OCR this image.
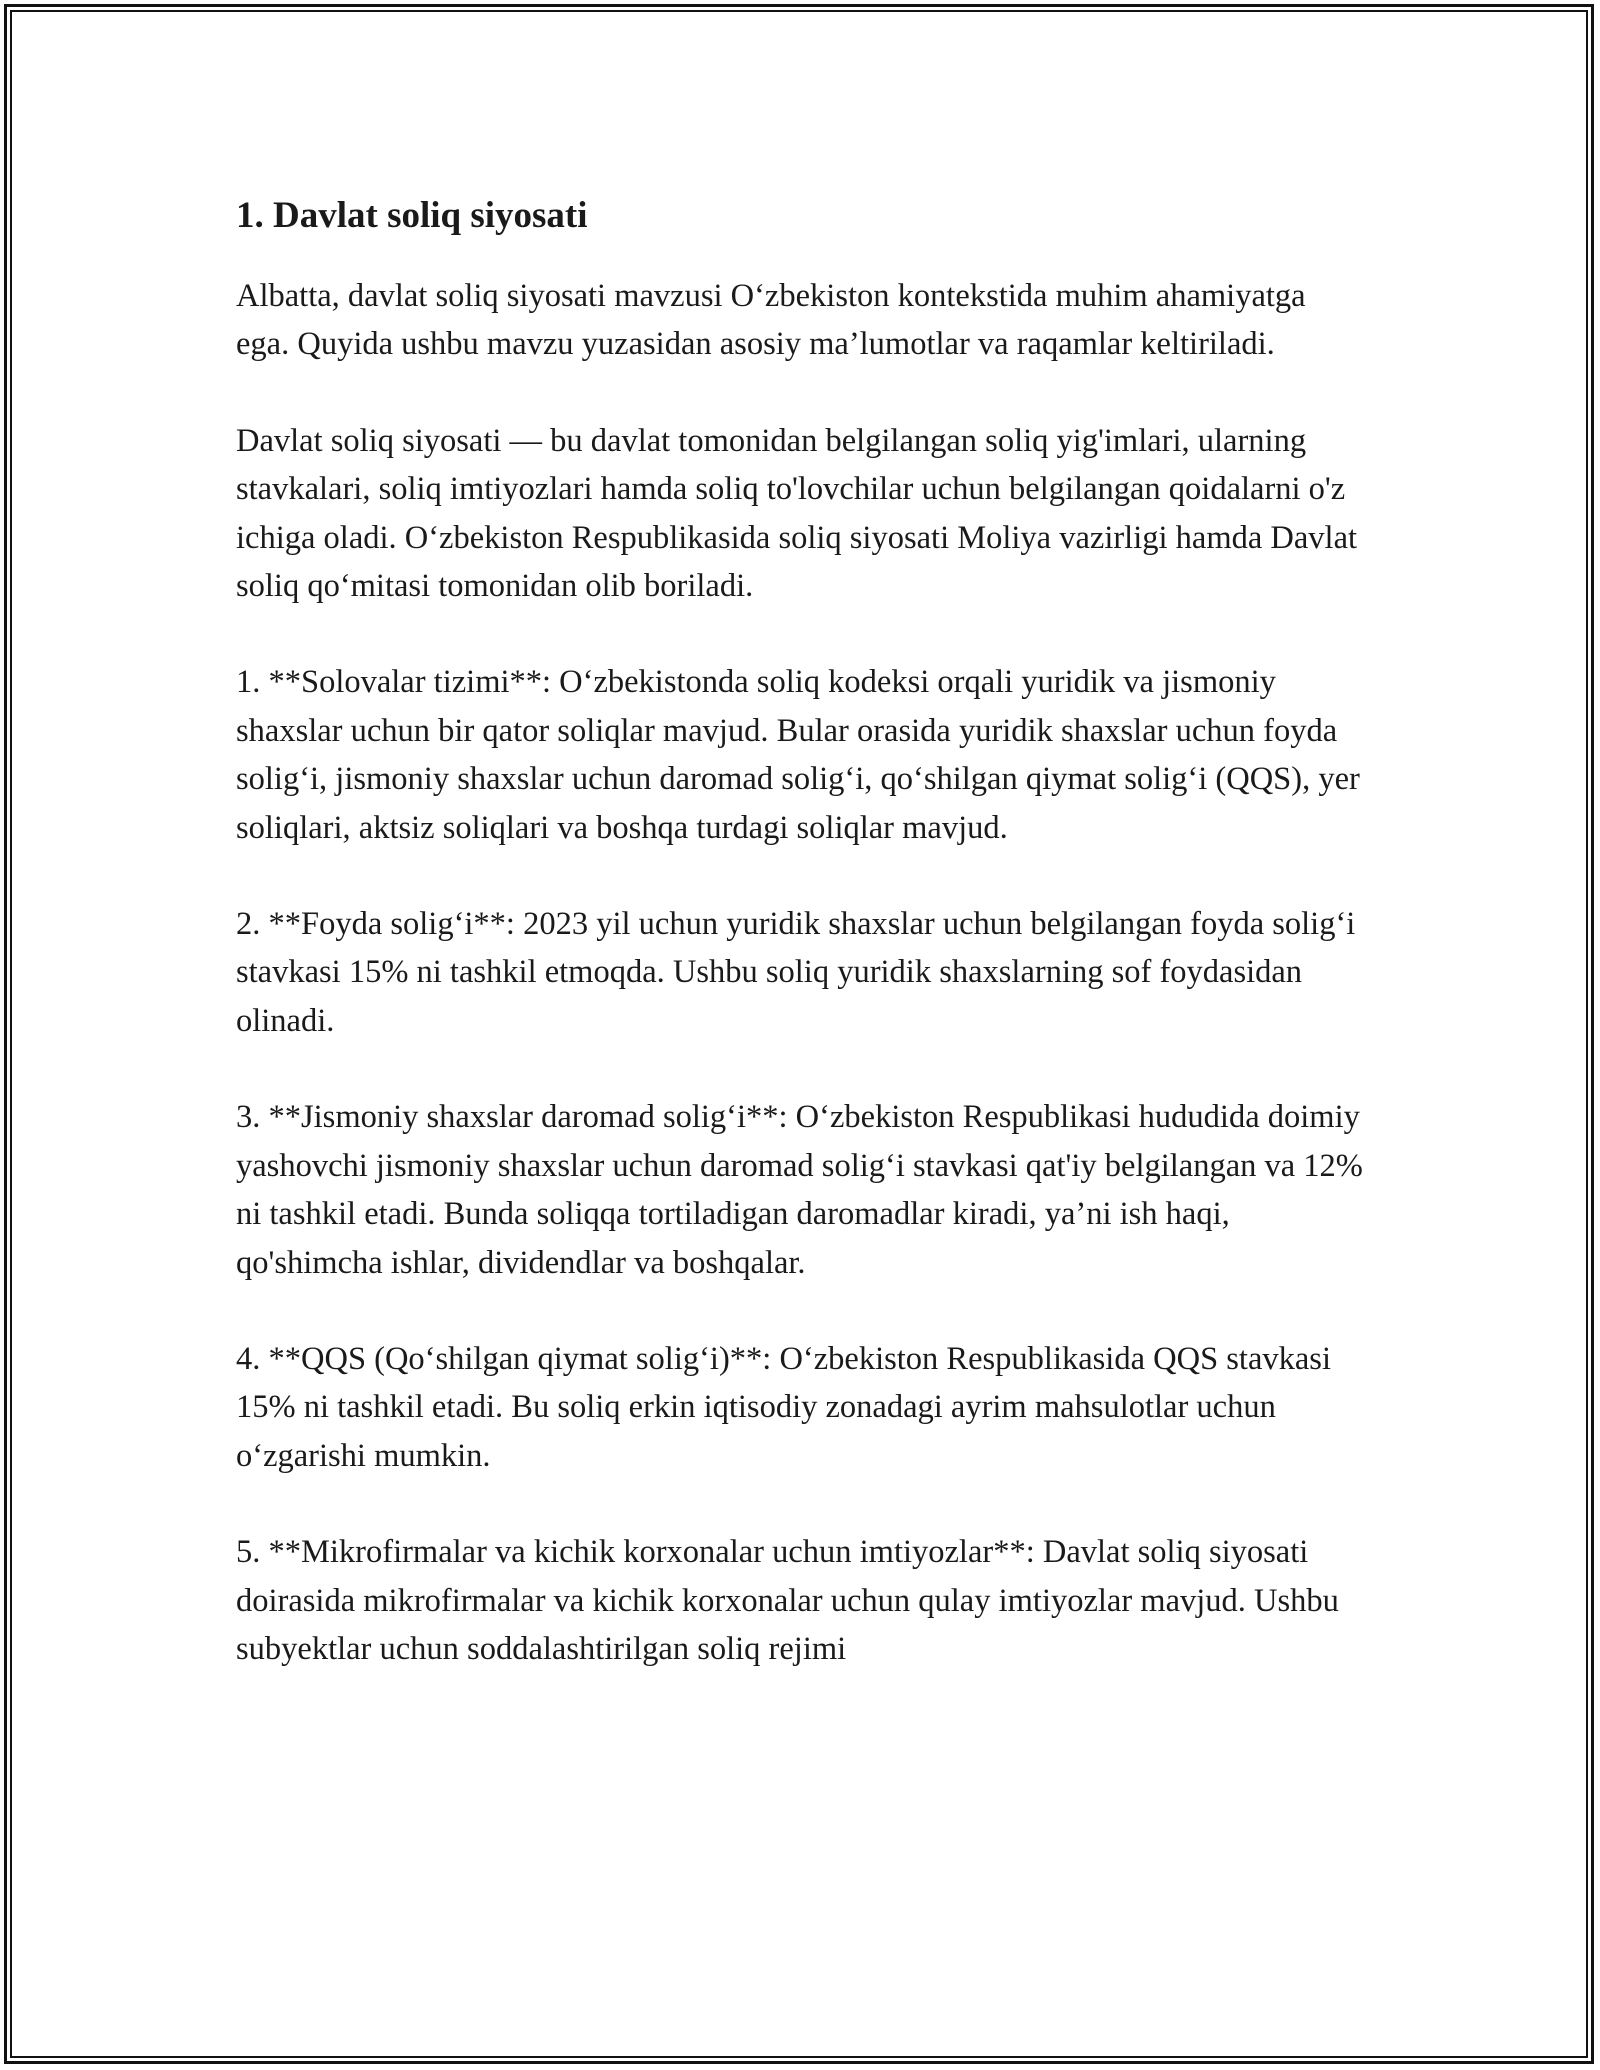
1. Davlat soliq siyosati

Albatta, davlat soliq siyosati mavzusi O‘zbekiston kontekstida muhim ahamiyatga ega. Quyida ushbu mavzu yuzasidan asosiy ma’lumotlar va raqamlar keltiriladi.

Davlat soliq siyosati — bu davlat tomonidan belgilangan soliq yig'imlari, ularning stavkalari, soliq imtiyozlari hamda soliq to'lovchilar uchun belgilangan qoidalarni o'z ichiga oladi. O‘zbekiston Respublikasida soliq siyosati Moliya vazirligi hamda Davlat soliq qo‘mitasi tomonidan olib boriladi.

1. **Solovalar tizimi**: O‘zbekistonda soliq kodeksi orqali yuridik va jismoniy shaxslar uchun bir qator soliqlar mavjud. Bular orasida yuridik shaxslar uchun foyda solig‘i, jismoniy shaxslar uchun daromad solig‘i, qo‘shilgan qiymat solig‘i (QQS), yer soliqlari, aktsiz soliqlari va boshqa turdagi soliqlar mavjud.

2. **Foyda solig‘i**: 2023 yil uchun yuridik shaxslar uchun belgilangan foyda solig‘i stavkasi 15% ni tashkil etmoqda. Ushbu soliq yuridik shaxslarning sof foydasidan olinadi.

3. **Jismoniy shaxslar daromad solig‘i**: O‘zbekiston Respublikasi hududida doimiy yashovchi jismoniy shaxslar uchun daromad solig‘i stavkasi qat'iy belgilangan va 12% ni tashkil etadi. Bunda soliqqa tortiladigan daromadlar kiradi, ya’ni ish haqi, qo'shimcha ishlar, dividendlar va boshqalar.

4. **QQS (Qo‘shilgan qiymat solig‘i)**: O‘zbekiston Respublikasida QQS stavkasi 15% ni tashkil etadi. Bu soliq erkin iqtisodiy zonadagi ayrim mahsulotlar uchun o‘zgarishi mumkin.

5. **Mikrofirmalar va kichik korxonalar uchun imtiyozlar**: Davlat soliq siyosati doirasida mikrofirmalar va kichik korxonalar uchun qulay imtiyozlar mavjud. Ushbu subyektlar uchun soddalashtirilgan soliq rejimi
